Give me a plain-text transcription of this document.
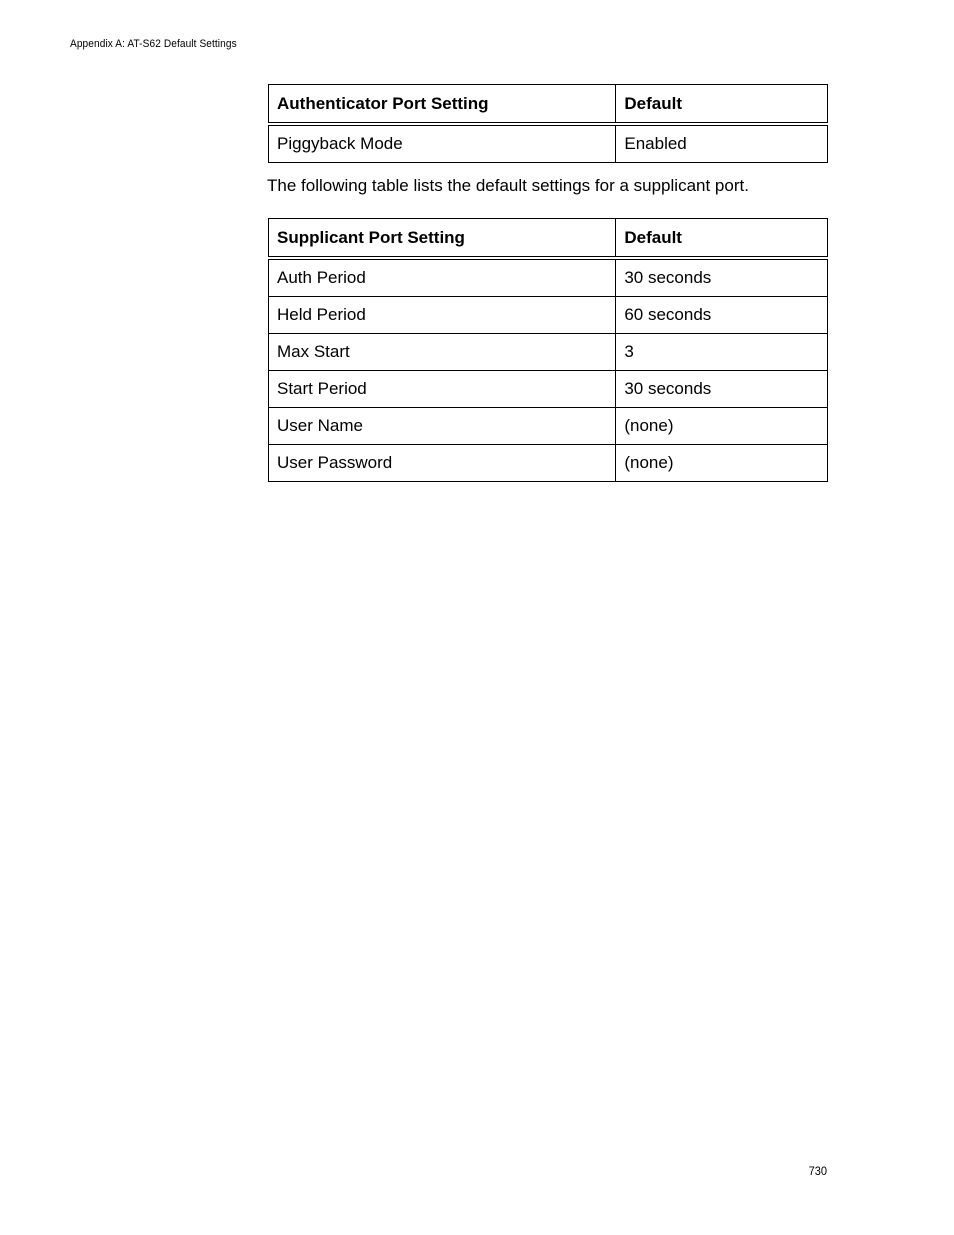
Appendix A: AT-S62 Default Settings
Authenticator Port Setting	Default
Piggyback Mode	Enabled
The following table lists the default settings for a supplicant port.
Supplicant Port Setting	Default
Auth Period	30 seconds
Held Period	60 seconds
Max Start	3
Start Period	30 seconds
User Name	(none)
User Password	(none)
730
